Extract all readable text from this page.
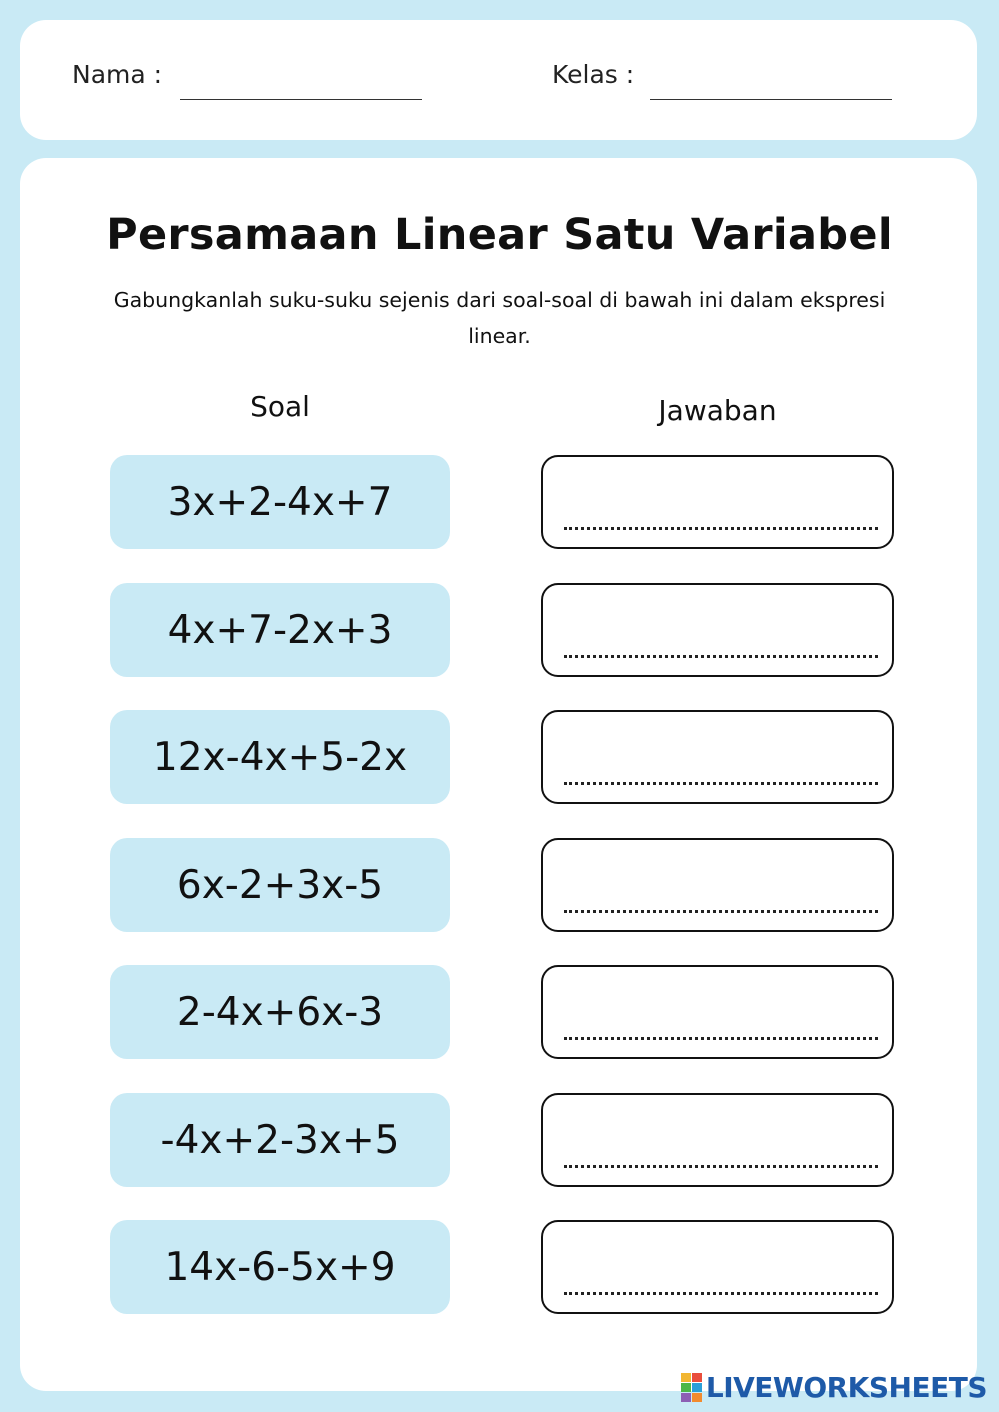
Nama :	Kelas :
Persamaan Linear Satu Variabel

Gabungkanlah suku-suku sejenis dari soal-soal di bawah ini dalam ekspresi linear.

Soal	Jawaban
3x+2-4x+7
4x+7-2x+3
12x-4x+5-2x
6x-2+3x-5
2-4x+6x-3
-4x+2-3x+5
14x-6-5x+9
LIVEWORKSHEETS
